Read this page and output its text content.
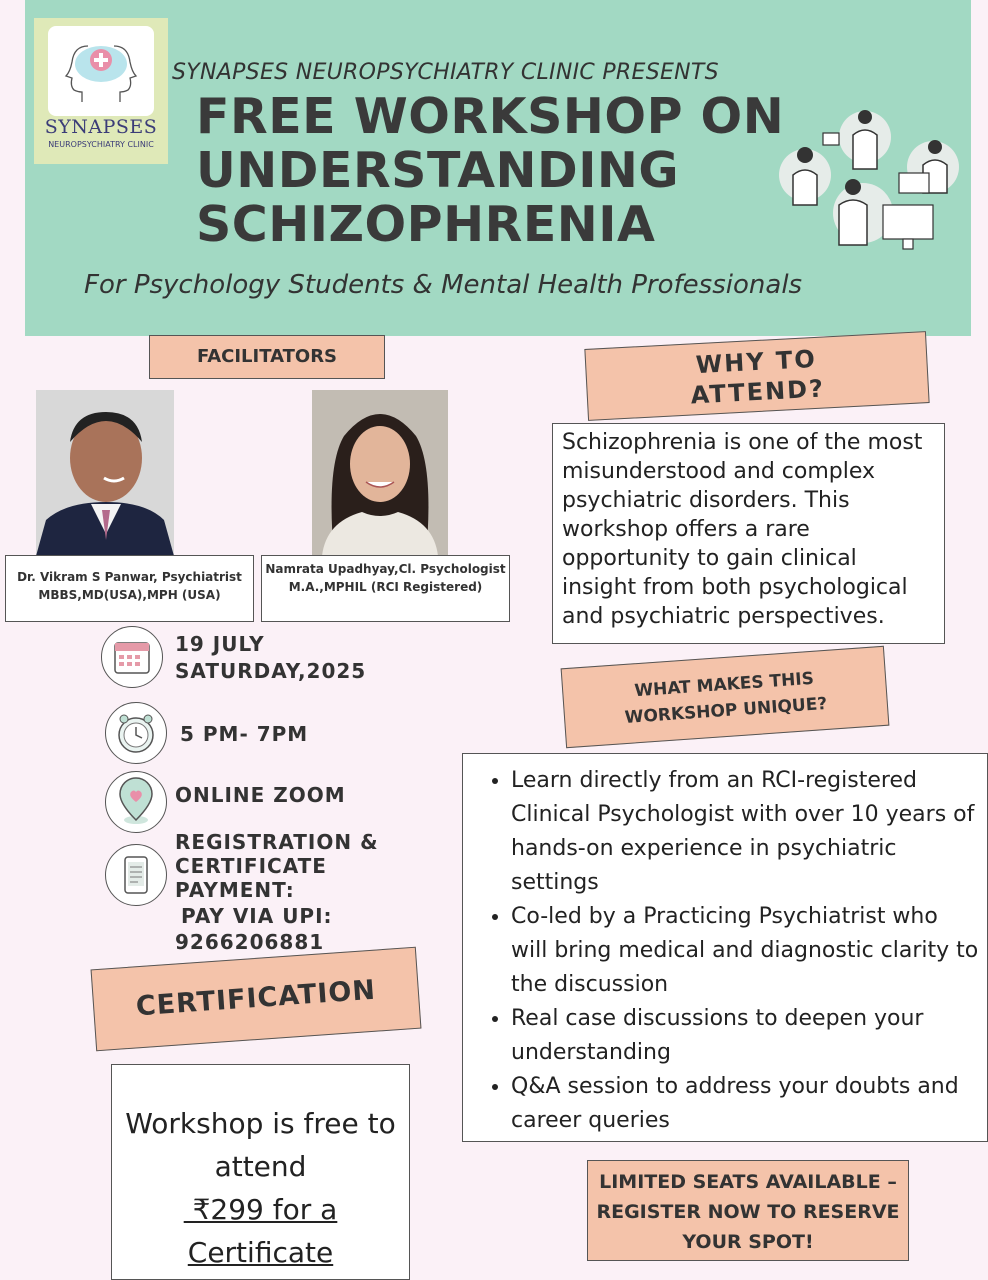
SYNAPSES
NEUROPSYCHIATRY CLINIC
SYNAPSES NEUROPSYCHIATRY CLINIC PRESENTS
FREE WORKSHOP ON
UNDERSTANDING
SCHIZOPHRENIA
For Psychology Students & Mental Health Professionals
FACILITATORS
Dr. Vikram S Panwar, Psychiatrist
MBBS,MD(USA),MPH (USA)
Namrata Upadhyay,Cl. Psychologist
M.A.,MPHIL (RCI Registered)
19 JULY
SATURDAY,2025
5 PM- 7PM
ONLINE ZOOM
REGISTRATION &
CERTIFICATE
PAYMENT:
PAY VIA UPI:
9266206881
WHY TO
ATTEND?
Schizophrenia is one of the most misunderstood and complex psychiatric disorders. This workshop offers a rare opportunity to gain clinical insight from both psychological and psychiatric perspectives.
WHAT MAKES THIS
WORKSHOP UNIQUE?
• Learn directly from an RCI-registered Clinical Psychologist with over 10 years of hands-on experience in psychiatric settings
• Co-led by a Practicing Psychiatrist who will bring medical and diagnostic clarity to the discussion
• Real case discussions to deepen your understanding
• Q&A session to address your doubts and career queries
CERTIFICATION
Workshop is free to
attend
₹299 for a
Certificate
LIMITED SEATS AVAILABLE –
REGISTER NOW TO RESERVE
YOUR SPOT!
